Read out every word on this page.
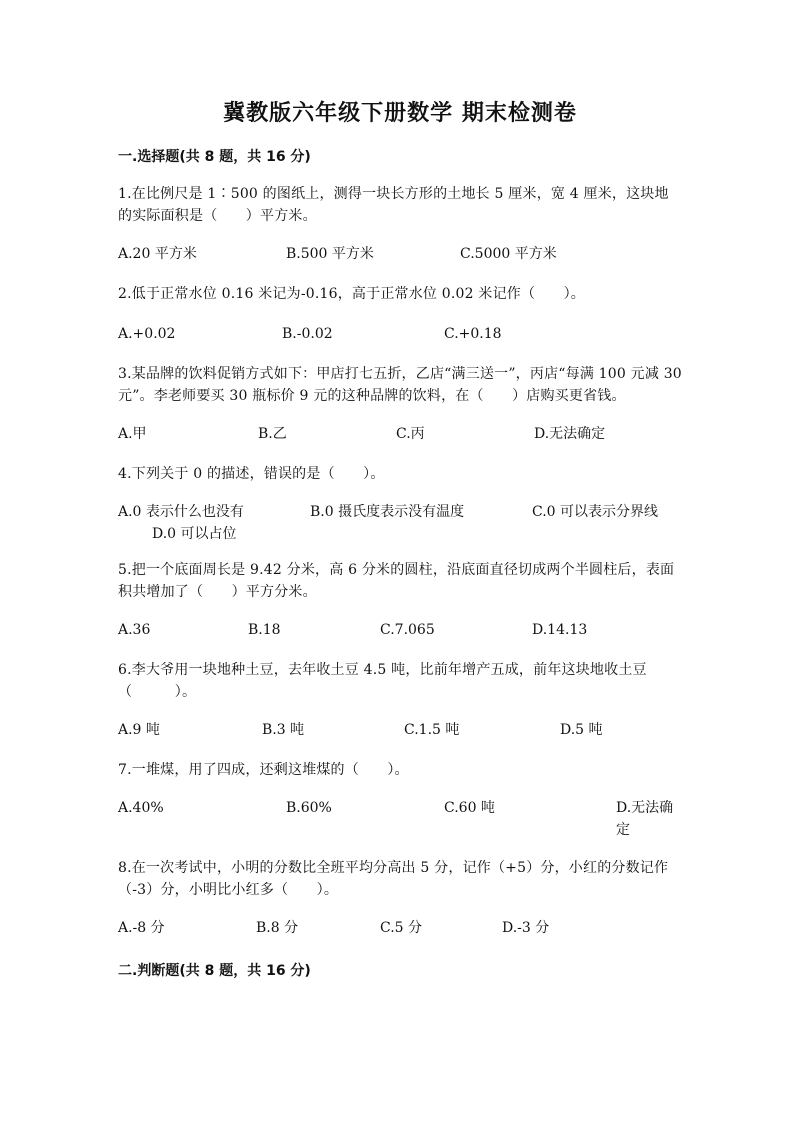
冀教版六年级下册数学 期末检测卷
一.选择题(共 8 题，共 16 分)

1.在比例尺是 1∶500 的图纸上，测得一块长方形的土地长 5 厘米，宽 4 厘米，这块地的实际面积是（　　）平方米。

A.20 平方米	B.500 平方米	C.5000 平方米

2.低于正常水位 0.16 米记为-0.16，高于正常水位 0.02 米记作（　　）。

A.+0.02	B.-0.02	C.+0.18

3.某品牌的饮料促销方式如下：甲店打七五折，乙店“满三送一”，丙店“每满 100 元减 30 元”。李老师要买 30 瓶标价 9 元的这种品牌的饮料，在（　　）店购买更省钱。

A.甲	B.乙	C.丙	D.无法确定

4.下列关于 0 的描述，错误的是（　　）。

A.0 表示什么也没有	B.0 摄氏度表示没有温度	C.0 可以表示分界线
D.0 可以占位

5.把一个底面周长是 9.42 分米，高 6 分米的圆柱，沿底面直径切成两个半圆柱后，表面积共增加了（　　）平方分米。

A.36	B.18	C.7.065	D.14.13

6.李大爷用一块地种土豆，去年收土豆 4.5 吨，比前年增产五成，前年这块地收土豆（　　　）。

A.9 吨	B.3 吨	C.1.5 吨	D.5 吨

7.一堆煤，用了四成，还剩这堆煤的（　　）。

A.40%	B.60%	C.60 吨	D.无法确定

8.在一次考试中，小明的分数比全班平均分高出 5 分，记作（+5）分，小红的分数记作（-3）分，小明比小红多（　　）。

A.-8 分	B.8 分	C.5 分	D.-3 分
二.判断题(共 8 题，共 16 分)
